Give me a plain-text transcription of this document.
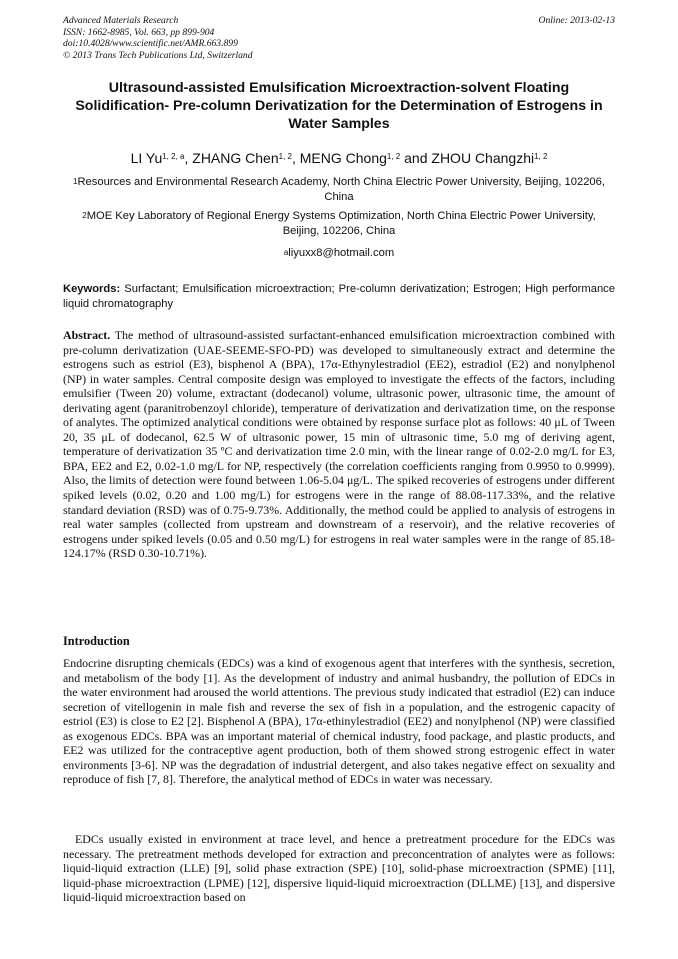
Advanced Materials Research
ISSN: 1662-8985, Vol. 663, pp 899-904
doi:10.4028/www.scientific.net/AMR.663.899
© 2013 Trans Tech Publications Ltd, Switzerland
Online: 2013-02-13
Ultrasound-assisted Emulsification Microextraction-solvent Floating Solidification- Pre-column Derivatization for the Determination of Estrogens in Water Samples
LI Yu$^{1, 2, a}$, ZHANG Chen$^{1, 2}$, MENG Chong$^{1, 2}$ and ZHOU Changzhi$^{1, 2}$
$^1$Resources and Environmental Research Academy, North China Electric Power University, Beijing, 102206, China
$^2$MOE Key Laboratory of Regional Energy Systems Optimization, North China Electric Power University, Beijing, 102206, China
$^a$liyuxx8@hotmail.com
Keywords: Surfactant; Emulsification microextraction; Pre-column derivatization; Estrogen; High performance liquid chromatography
Abstract. The method of ultrasound-assisted surfactant-enhanced emulsification microextraction combined with pre-column derivatization (UAE-SEEME-SFO-PD) was developed to simultaneously extract and determine the estrogens such as estriol (E3), bisphenol A (BPA), 17α-Ethynylestradiol (EE2), estradiol (E2) and nonylphenol (NP) in water samples. Central composite design was employed to investigate the effects of the factors, including emulsifier (Tween 20) volume, extractant (dodecanol) volume, ultrasonic power, ultrasonic time, the amount of derivating agent (paranitrobenzoyl chloride), temperature of derivatization and derivatization time, on the response of analytes. The optimized analytical conditions were obtained by response surface plot as follows: 40 μL of Tween 20, 35 μL of dodecanol, 62.5 W of ultrasonic power, 15 min of ultrasonic time, 5.0 mg of deriving agent, temperature of derivatization 35 ºC and derivatization time 2.0 min, with the linear range of 0.02-2.0 mg/L for E3, BPA, EE2 and E2, 0.02-1.0 mg/L for NP, respectively (the correlation coefficients ranging from 0.9950 to 0.9999). Also, the limits of detection were found between 1.06-5.04 μg/L. The spiked recoveries of estrogens under different spiked levels (0.02, 0.20 and 1.00 mg/L) for estrogens were in the range of 88.08-117.33%, and the relative standard deviation (RSD) was of 0.75-9.73%. Additionally, the method could be applied to analysis of estrogens in real water samples (collected from upstream and downstream of a reservoir), and the relative recoveries of estrogens under spiked levels (0.05 and 0.50 mg/L) for estrogens in real water samples were in the range of 85.18-124.17% (RSD 0.30-10.71%).
Introduction
Endocrine disrupting chemicals (EDCs) was a kind of exogenous agent that interferes with the synthesis, secretion, and metabolism of the body [1]. As the development of industry and animal husbandry, the pollution of EDCs in the water environment had aroused the world attentions. The previous study indicated that estradiol (E2) can induce secretion of vitellogenin in male fish and reverse the sex of fish in a population, and the estrogenic capacity of estriol (E3) is close to E2 [2]. Bisphenol A (BPA), 17α-ethinylestradiol (EE2) and nonylphenol (NP) were classified as exogenous EDCs. BPA was an important material of chemical industry, food package, and plastic products, and EE2 was utilized for the contraceptive agent production, both of them showed strong estrogenic effect in water environments [3-6]. NP was the degradation of industrial detergent, and also takes negative effect on sexuality and reproduce of fish [7, 8]. Therefore, the analytical method of EDCs in water was necessary.
EDCs usually existed in environment at trace level, and hence a pretreatment procedure for the EDCs was necessary. The pretreatment methods developed for extraction and preconcentration of analytes were as follows: liquid-liquid extraction (LLE) [9], solid phase extraction (SPE) [10], solid-phase microextraction (SPME) [11], liquid-phase microextraction (LPME) [12], dispersive liquid-liquid microextraction (DLLME) [13], and dispersive liquid-liquid microextraction based on
